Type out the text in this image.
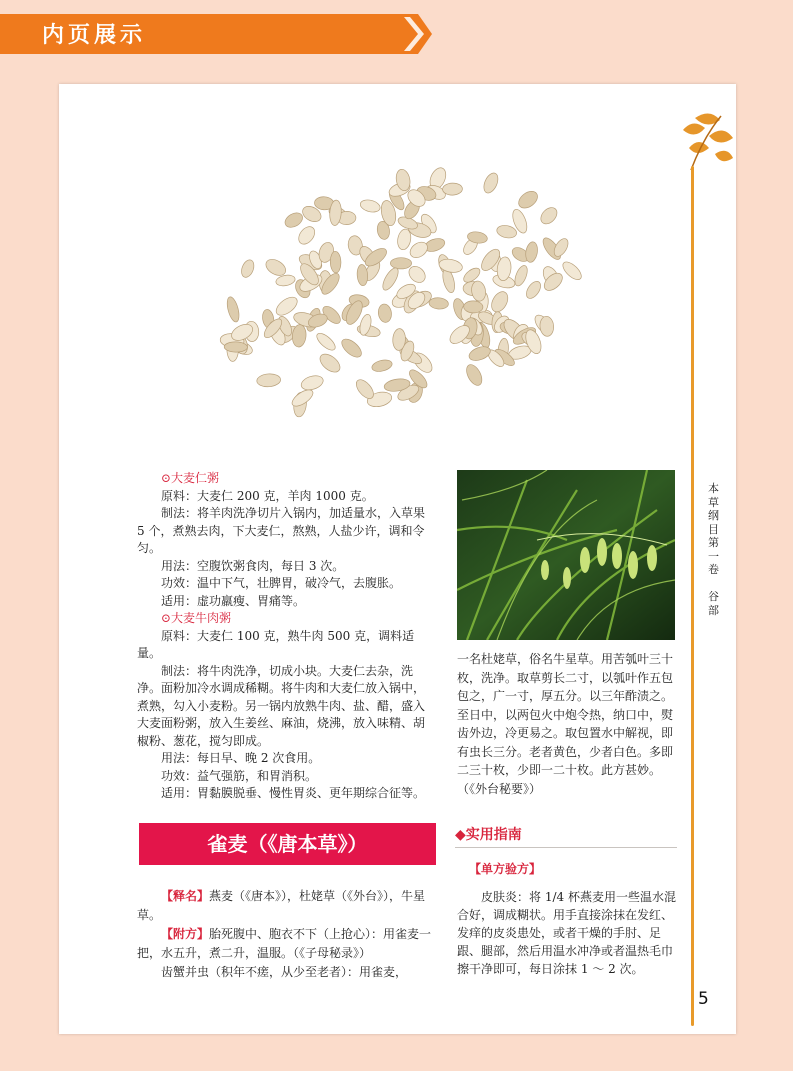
内页展示

⊙大麦仁粥

原料：大麦仁 200 克，羊肉 1000 克。

制法：将羊肉洗净切片入锅内，加适量水，入草果 5 个，煮熟去肉，下大麦仁，熬熟，人盐少许，调和令匀。

用法：空腹饮粥食肉，每日 3 次。

功效：温中下气，壮脾胃，破冷气，去腹胀。

适用：虚功羸瘦、胃痛等。

⊙大麦牛肉粥

原料：大麦仁 100 克，熟牛肉 500 克，调料适量。

制法：将牛肉洗净，切成小块。大麦仁去杂，洗净。面粉加冷水调成稀糊。将牛肉和大麦仁放入锅中，煮熟，勾入小麦粉。另一锅内放熟牛肉、盐、醋，盛入大麦面粉粥，放入生姜丝、麻油，烧沸，放入味精、胡椒粉、葱花，搅匀即成。

用法：每日早、晚 2 次食用。

功效：益气强筋，和胃消积。

适用：胃黏膜脱垂、慢性胃炎、更年期综合征等。

一名杜姥草，俗名牛星草。用苦瓠叶三十枚，洗净。取草剪长二寸，以瓠叶作五包包之，广一寸，厚五分。以三年酢渍之。至日中，以两包火中炮令热，纳口中，熨齿外边，冷更易之。取包置水中解视，即有虫长三分。老者黄色，少者白色。多即二三十枚，少即一二十枚。此方甚妙。（《外台秘要》）

雀麦（《唐本草》）	◆实用指南
【单方验方】

皮肤炎：将 1/4 杯燕麦用一些温水混合好，调成糊状。用手直接涂抹在发红、发痒的皮炎患处，或者干燥的手肘、足跟、腿部，然后用温水冲净或者温热毛巾擦干净即可，每日涂抹 1 ～ 2 次。

【释名】燕麦（《唐本》），杜姥草（《外台》），牛星草。

【附方】胎死腹中、胞衣不下（上抢心）：用雀麦一把，水五升，煮二升，温服。（《子母秘录》）

齿蟹并虫（积年不瘥，从少至老者）：用雀麦，

本草纲目第一卷
谷部
5
